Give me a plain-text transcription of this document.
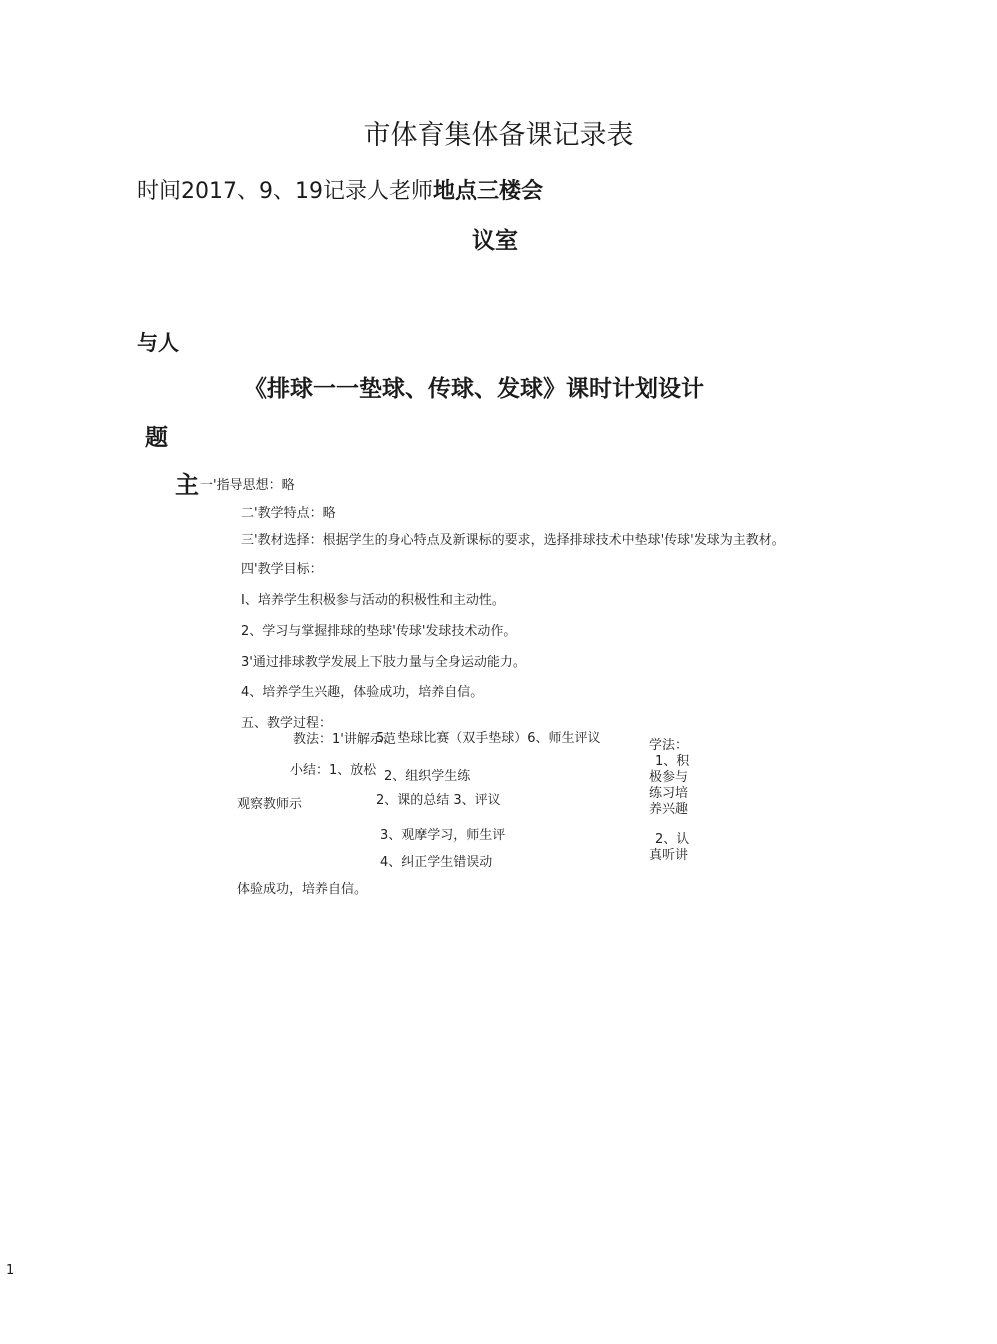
市体育集体备课记录表
时间2017、9、19记录人老师地点三楼会
议室
与人
《排球一一垫球、传球、发球》课时计划设计
题
主 一'指导思想：略
二'教学特点：略
三'教材选择：根据学生的身心特点及新课标的要求，选择排球技术中垫球'传球'发球为主教材。
四'教学目标：
I、培养学生积极参与活动的积极性和主动性。
2、学习与掌握排球的垫球'传球'发球技术动作。
3'通过排球教学发展上下肢力量与全身运动能力。
4、培养学生兴趣，体验成功，培养自信。
五、教学过程：
教法：1'讲解示范
5、垫球比赛（双手垫球）6、师生评议
小结：1、放松 2、组织学生练
观察教师示	2、课的总结 3、评议
3、观摩学习，师生评
4、纠正学生错误动
体验成功，培养自信。
学法：
1、积
极参与
练习培
养兴趣
2、认
真听讲
1
